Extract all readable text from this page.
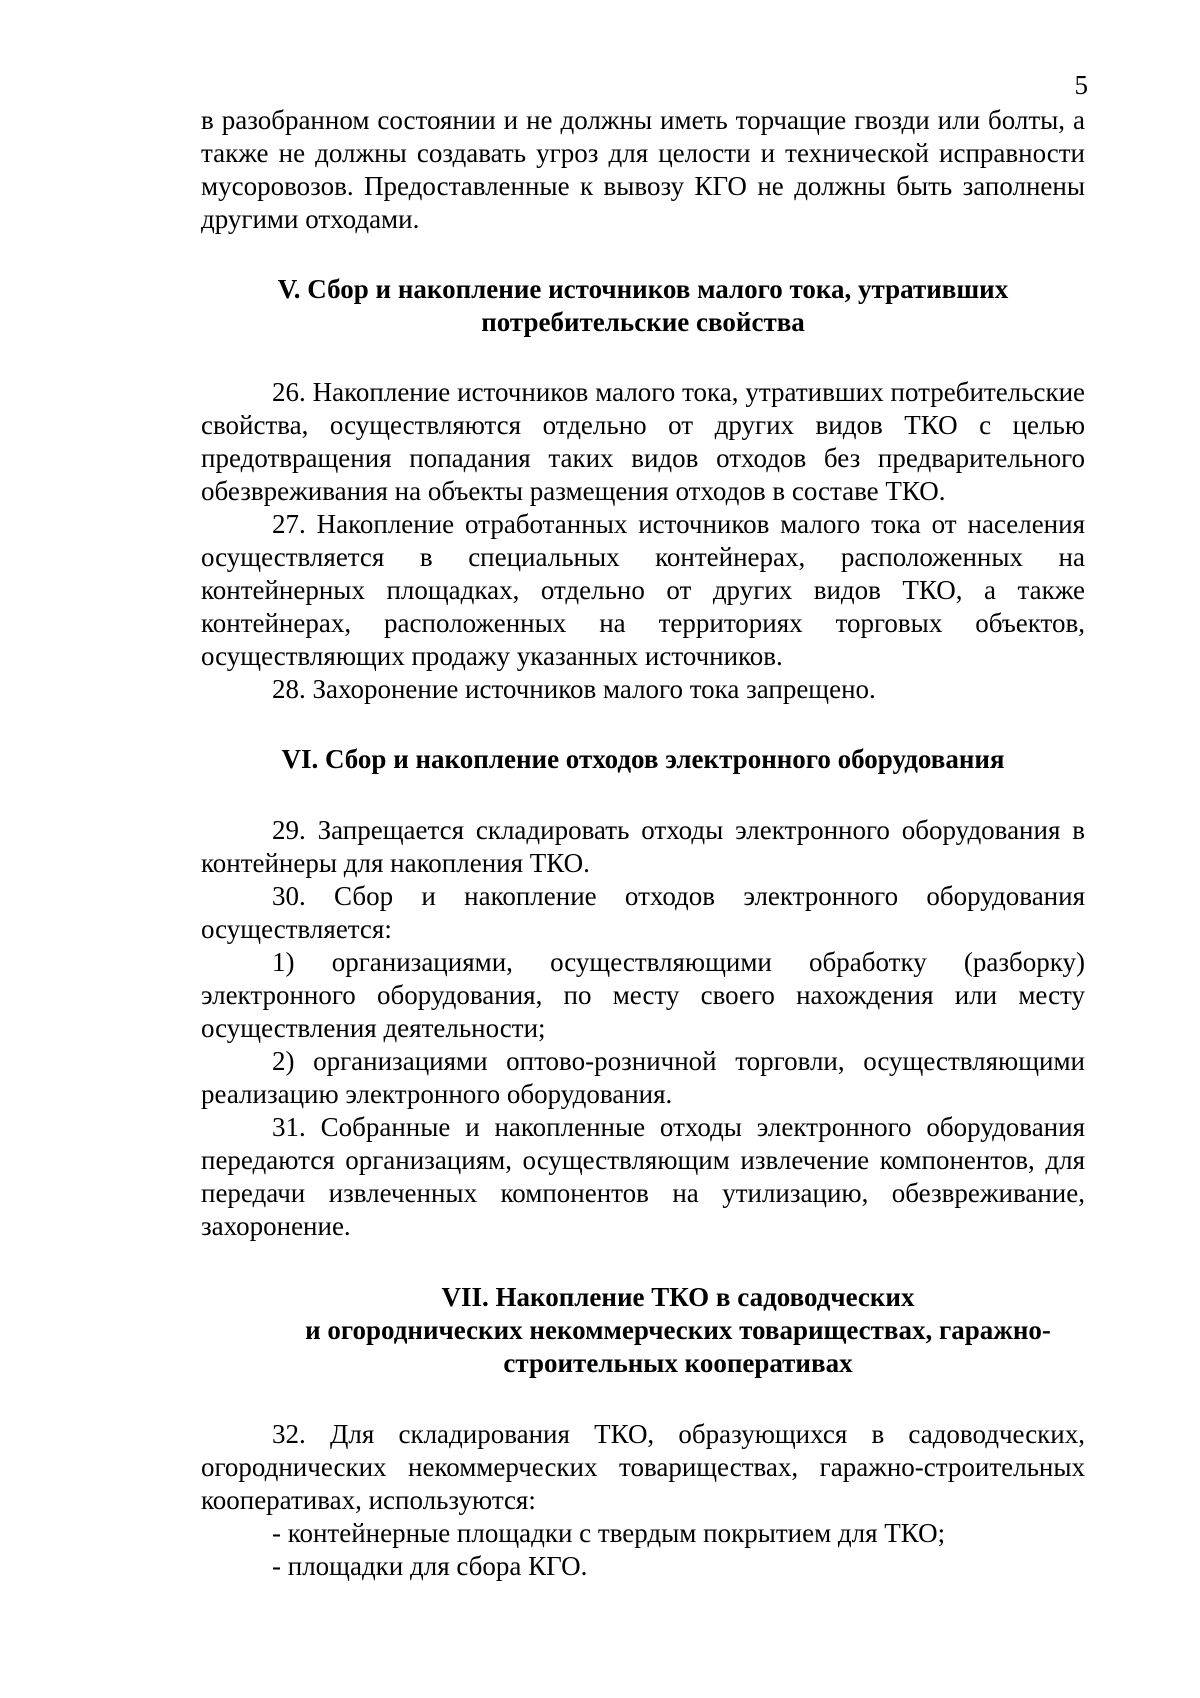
5

в разобранном состоянии и не должны иметь торчащие гвозди или болты, а также не должны создавать угроз для целости и технической исправности мусоровозов. Предоставленные к вывозу КГО не должны быть заполнены другими отходами.

V. Сбор и накопление источников малого тока, утративших
потребительские свойства

26. Накопление источников малого тока, утративших потребительские свойства, осуществляются отдельно от других видов ТКО с целью предотвращения попадания таких видов отходов без предварительного обезвреживания на объекты размещения отходов в составе ТКО.

27. Накопление отработанных источников малого тока от населения осуществляется в специальных контейнерах, расположенных на контейнерных площадках, отдельно от других видов ТКО, а также контейнерах, расположенных на территориях торговых объектов, осуществляющих продажу указанных источников.

28. Захоронение источников малого тока запрещено.

VI. Сбор и накопление отходов электронного оборудования

29. Запрещается складировать отходы электронного оборудования в контейнеры для накопления ТКО.

30. Сбор и накопление отходов электронного оборудования осуществляется:

1) организациями, осуществляющими обработку (разборку) электронного оборудования, по месту своего нахождения или месту осуществления деятельности;

2) организациями оптово-розничной торговли, осуществляющими реализацию электронного оборудования.

31. Собранные и накопленные отходы электронного оборудования передаются организациям, осуществляющим извлечение компонентов, для передачи извлеченных компонентов на утилизацию, обезвреживание, захоронение.

VII. Накопление ТКО в садоводческих
и огороднических некоммерческих товариществах, гаражно-
строительных кооперативах

32. Для складирования ТКО, образующихся в садоводческих, огороднических некоммерческих товариществах, гаражно-строительных кооперативах, используются:

- контейнерные площадки с твердым покрытием для ТКО;

- площадки для сбора КГО.
